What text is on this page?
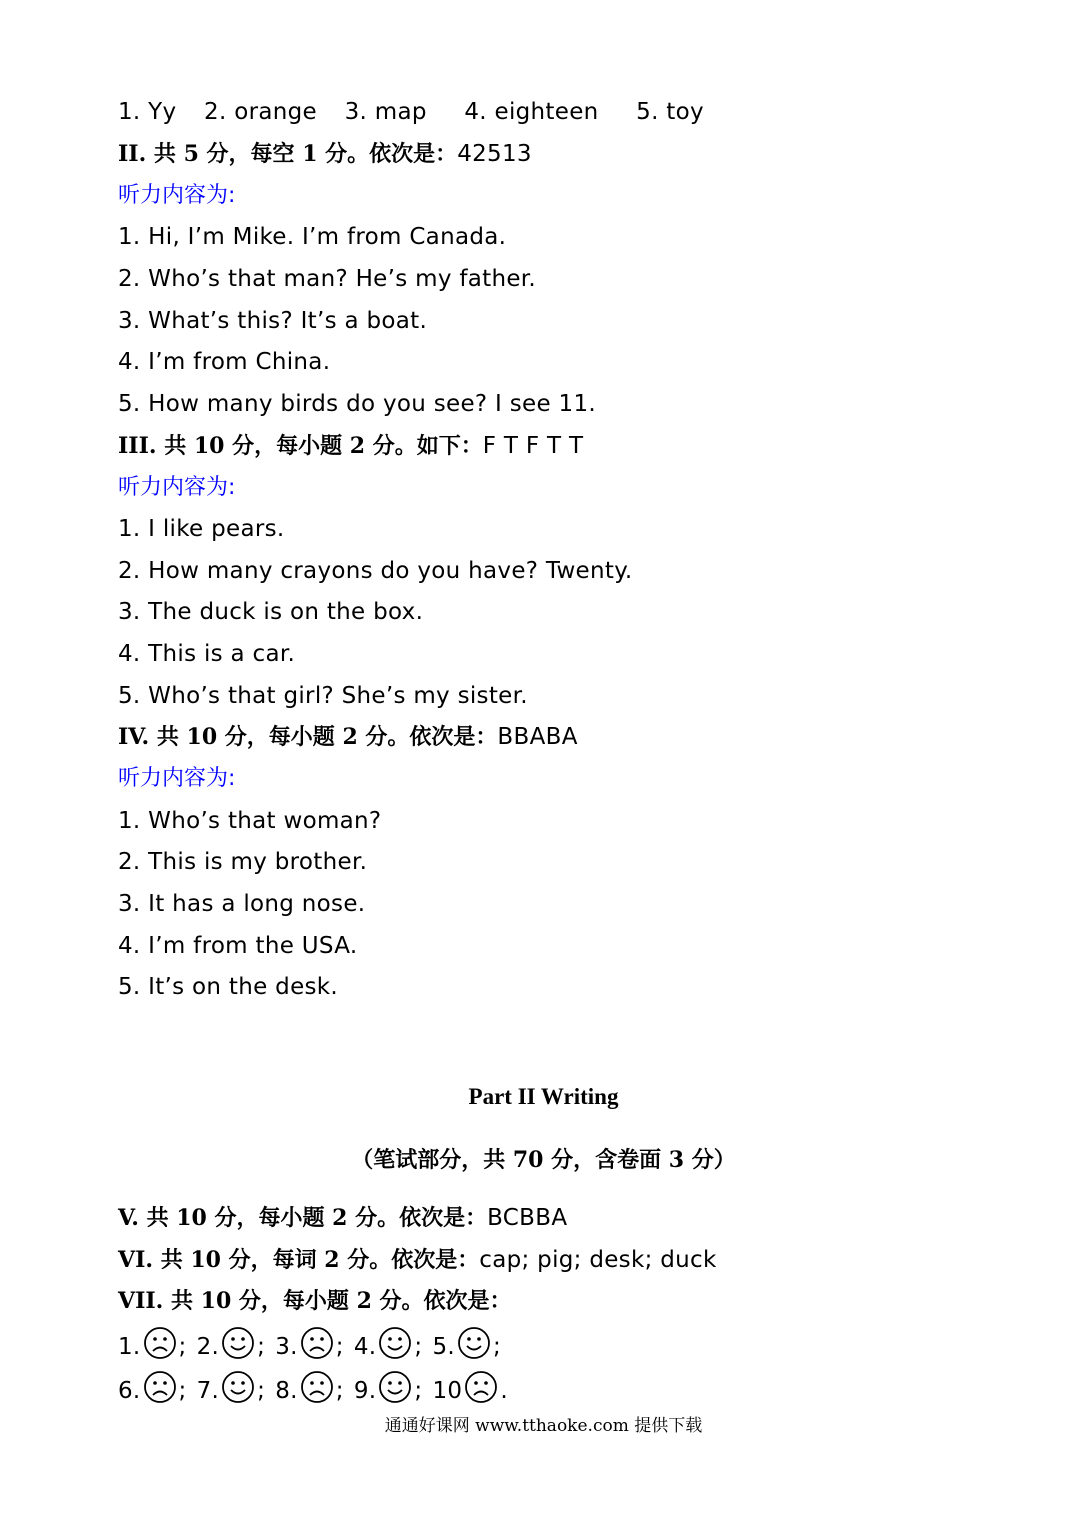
1. Yy 2. orange 3. map 4. eighteen 5. toy
II. 共 5 分，每空 1 分。依次是：42513
听力内容为:
1. Hi, I’m Mike. I’m from Canada.
2. Who’s that man? He’s my father.
3. What’s this? It’s a boat.
4. I’m from China.
5. How many birds do you see? I see 11.
III. 共 10 分，每小题 2 分。如下：F T F T T
听力内容为:
1. I like pears.
2. How many crayons do you have? Twenty.
3. The duck is on the box.
4. This is a car.
5. Who’s that girl? She’s my sister.
IV. 共 10 分，每小题 2 分。依次是：BBABA
听力内容为:
1. Who’s that woman?
2. This is my brother.
3. It has a long nose.
4. I’m from the USA.
5. It’s on the desk.
Part II Writing
（笔试部分，共 70 分，含卷面 3 分）
V. 共 10 分，每小题 2 分。依次是：BCBBA
VI. 共 10 分，每词 2 分。依次是：cap; pig; desk; duck
VII. 共 10 分，每小题 2 分。依次是：
1. ; 2. ; 3. ; 4. ; 5. ;
6. ; 7. ; 8. ; 9. ; 10 .
通通好课网 www.tthaoke.com 提供下载
